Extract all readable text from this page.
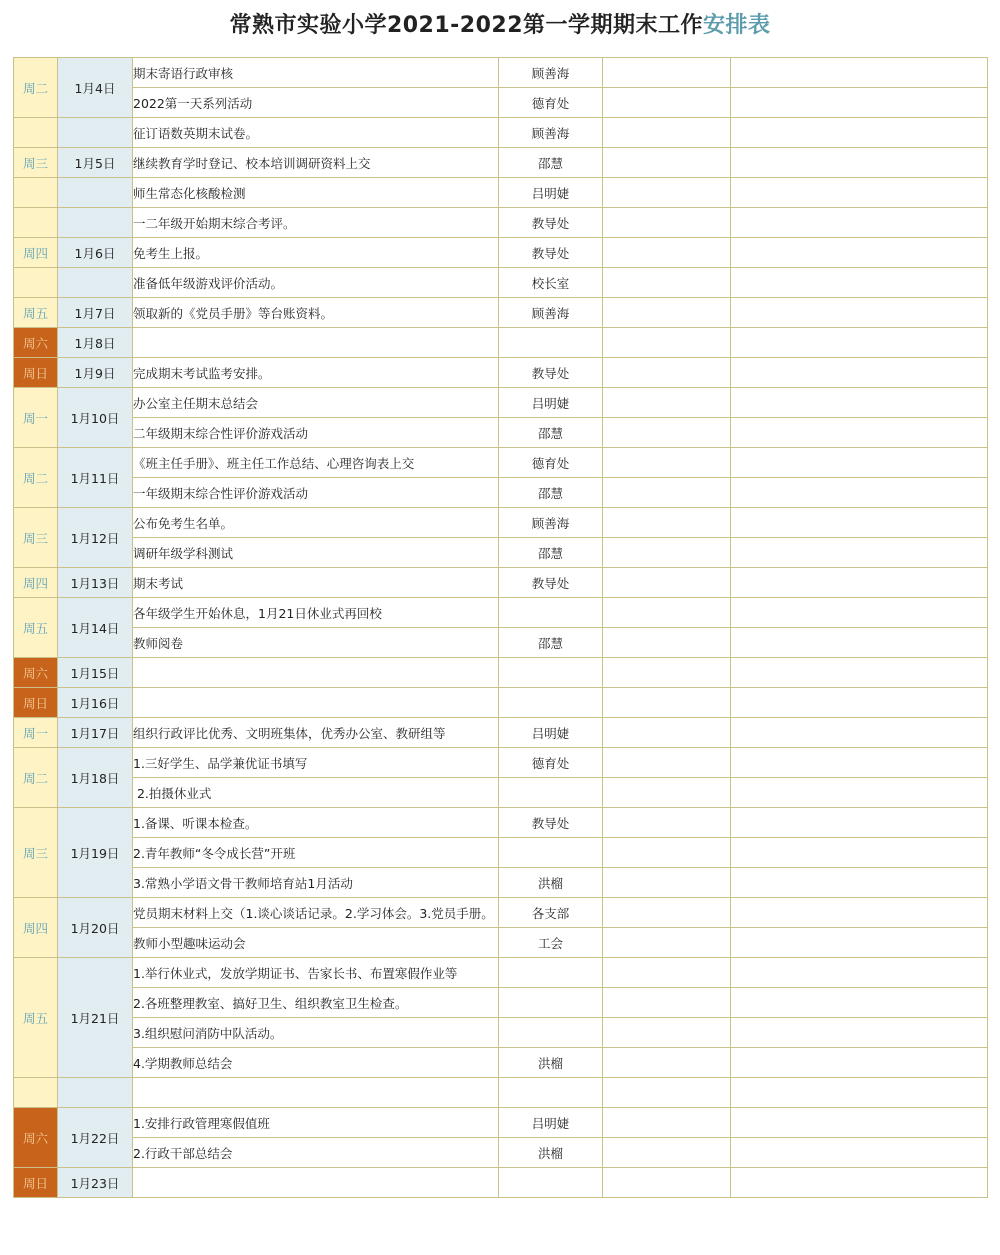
常熟市实验小学2021-2022第一学期期末工作安排表
周二	1月4日	期末寄语行政审核	顾善海		
		2022第一天系列活动	德育处		
		征订语数英期末试卷。	顾善海		
周三	1月5日	继续教育学时登记、校本培训调研资料上交	邵慧		
		师生常态化核酸检测	吕明婕		
		一二年级开始期末综合考评。	教导处		
周四	1月6日	免考生上报。	教导处		
		准备低年级游戏评价活动。	校长室		
周五	1月7日	领取新的《党员手册》等台账资料。	顾善海		
周六	1月8日				
周日	1月9日	完成期末考试监考安排。	教导处		
周一	1月10日	办公室主任期末总结会	吕明婕		
		二年级期末综合性评价游戏活动	邵慧		
周二	1月11日	《班主任手册》、班主任工作总结、心理咨询表上交	德育处		
		一年级期末综合性评价游戏活动	邵慧		
周三	1月12日	公布免考生名单。	顾善海		
		调研年级学科测试	邵慧		
周四	1月13日	期末考试	教导处		
周五	1月14日	各年级学生开始休息，1月21日休业式再回校			
		教师阅卷	邵慧		
周六	1月15日				
周日	1月16日				
周一	1月17日	组织行政评比优秀、文明班集体，优秀办公室、教研组等	吕明婕		
周二	1月18日	1.三好学生、品学兼优证书填写	德育处		
		2.拍摄休业式			
周三	1月19日	1.备课、听课本检查。	教导处		
		2.青年教师“冬令成长营”开班			
		3.常熟小学语文骨干教师培育站1月活动	洪榴		
周四	1月20日	党员期末材料上交（1.谈心谈话记录。2.学习体会。3.党员手册。	各支部		
		教师小型趣味运动会	工会		
周五	1月21日	1.举行休业式，发放学期证书、告家长书、布置寒假作业等			
		2.各班整理教室、搞好卫生、组织教室卫生检查。			
		3.组织慰问消防中队活动。			
		4.学期教师总结会	洪榴		

周六	1月22日	1.安排行政管理寒假值班	吕明婕		
		2.行政干部总结会	洪榴		
周日	1月23日				
